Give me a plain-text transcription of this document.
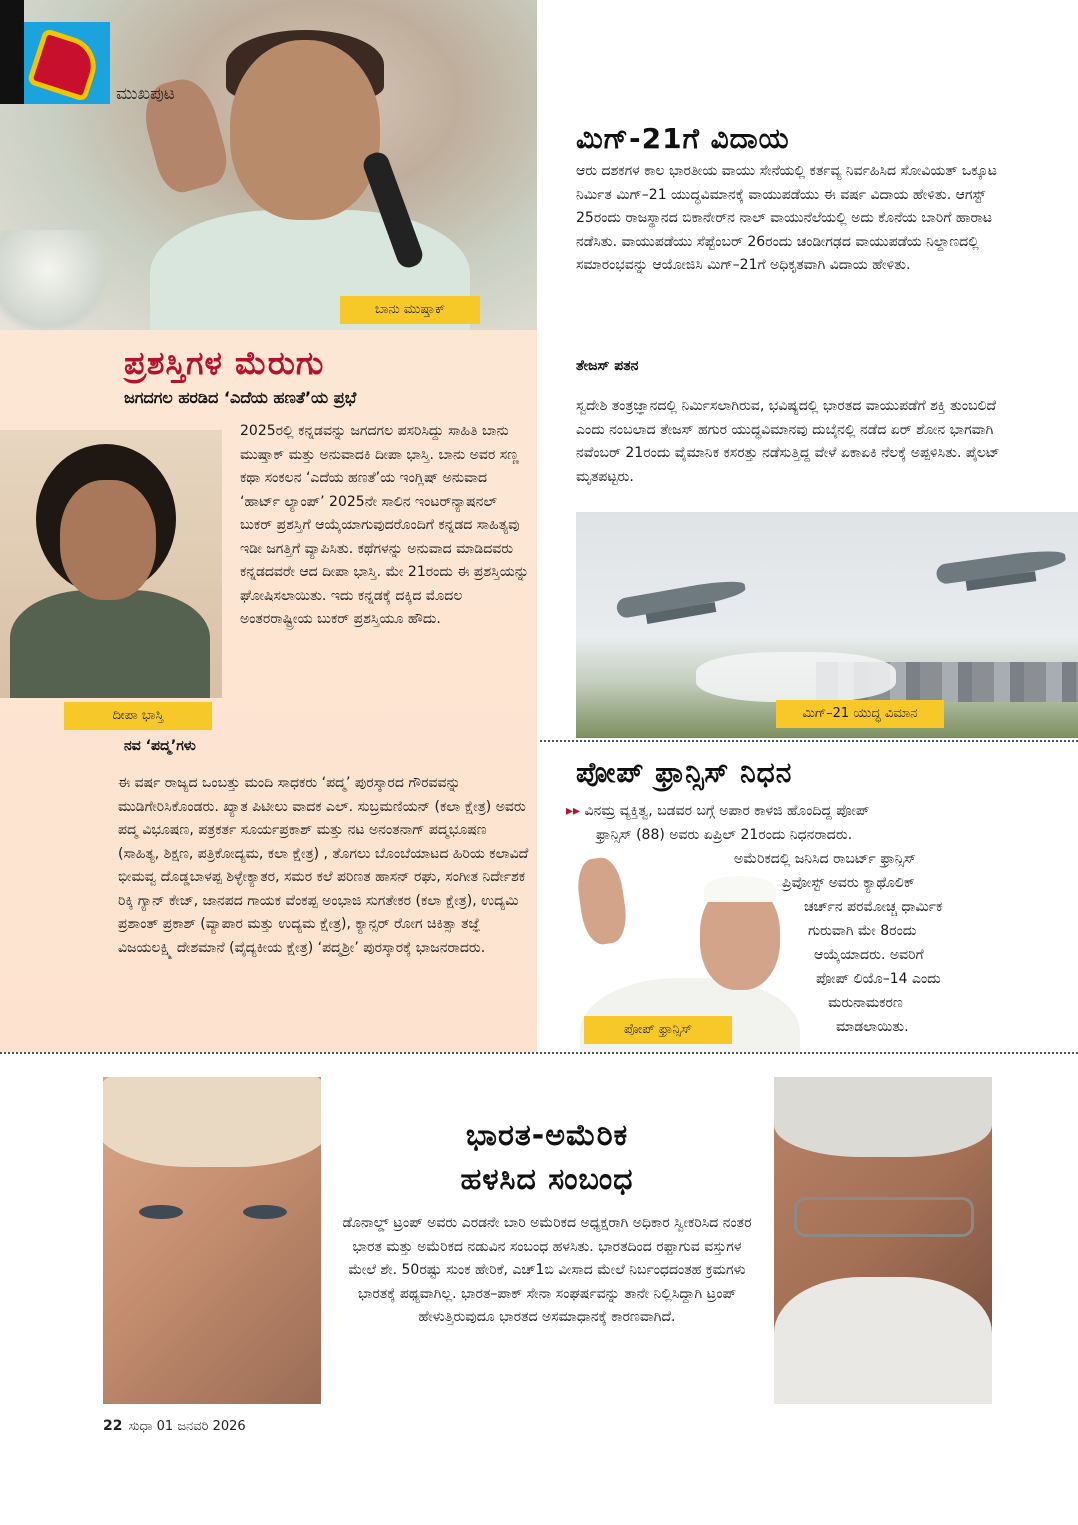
ಬಾನು ಮುಷ್ತಾಕ್
ಮುಖಪುಟ
ಪ್ರಶಸ್ತಿಗಳ ಮೆರುಗು
ಜಗದಗಲ ಹರಡಿದ ‘ಎದೆಯ ಹಣತೆ’ಯ ಪ್ರಭೆ
ದೀಪಾ ಭಾಸ್ತಿ
2025ರಲ್ಲಿ ಕನ್ನಡವನ್ನು ಜಗದಗಲ ಪಸರಿಸಿದ್ದು ಸಾಹಿತಿ ಬಾನು ಮುಷ್ತಾಕ್ ಮತ್ತು ಅನುವಾದಕಿ ದೀಪಾ ಭಾಸ್ತಿ. ಬಾನು ಅವರ ಸಣ್ಣ ಕಥಾ ಸಂಕಲನ ‘ಎದೆಯ ಹಣತೆ’ಯ ಇಂಗ್ಲಿಷ್ ಅನುವಾದ ‘ಹಾರ್ಟ್ ಲ್ಯಾಂಪ್’ 2025ನೇ ಸಾಲಿನ ಇಂಟರ್‌ನ್ಯಾಷನಲ್ ಬುಕರ್ ಪ್ರಶಸ್ತಿಗೆ ಆಯ್ಕೆಯಾಗುವುದರೊಂದಿಗೆ ಕನ್ನಡದ ಸಾಹಿತ್ಯವು ಇಡೀ ಜಗತ್ತಿಗೆ ವ್ಯಾಪಿಸಿತು. ಕಥೆಗಳನ್ನು ಅನುವಾದ ಮಾಡಿದವರು ಕನ್ನಡದವರೇ ಆದ ದೀಪಾ ಭಾಸ್ತಿ. ಮೇ 21ರಂದು ಈ ಪ್ರಶಸ್ತಿಯನ್ನು ಘೋಷಿಸಲಾಯಿತು. ಇದು ಕನ್ನಡಕ್ಕೆ ದಕ್ಕಿದ ಮೊದಲ ಅಂತರರಾಷ್ಟ್ರೀಯ ಬುಕರ್ ಪ್ರಶಸ್ತಿಯೂ ಹೌದು.
ನವ ‘ಪದ್ಮ’ಗಳು
ಈ ವರ್ಷ ರಾಜ್ಯದ ಒಂಬತ್ತು ಮಂದಿ ಸಾಧಕರು ‘ಪದ್ಮ’ ಪುರಸ್ಕಾರದ ಗೌರವವನ್ನು ಮುಡಿಗೇರಿಸಿಕೊಂಡರು. ಖ್ಯಾತ ಪಿಟೀಲು ವಾದಕ ಎಲ್. ಸುಬ್ರಮಣಿಯನ್ (ಕಲಾ ಕ್ಷೇತ್ರ) ಅವರು ಪದ್ಮ ವಿಭೂಷಣ, ಪತ್ರಕರ್ತ ಸೂರ್ಯಪ್ರಕಾಶ್ ಮತ್ತು ನಟ ಅನಂತನಾಗ್ ಪದ್ಮಭೂಷಣ (ಸಾಹಿತ್ಯ, ಶಿಕ್ಷಣ, ಪತ್ರಿಕೋದ್ಯಮ, ಕಲಾ ಕ್ಷೇತ್ರ) , ತೊಗಲು ಬೊಂಬೆಯಾಟದ ಹಿರಿಯ ಕಲಾವಿದೆ ಭೀಮವ್ವ ದೊಡ್ಡಬಾಳಪ್ಪ ಶಿಳ್ಳೇಕ್ಯಾತರ, ಸಮರ ಕಲೆ ಪರಿಣತ ಹಾಸನ್ ರಘು, ಸಂಗೀತ ನಿರ್ದೇಶಕ ರಿಕ್ಕಿ ಗ್ಯಾನ್ ಕೇಜ್, ಜಾನಪದ ಗಾಯಕ ವೆಂಕಪ್ಪ ಅಂಭಾಜಿ ಸುಗತೇಕರ (ಕಲಾ ಕ್ಷೇತ್ರ), ಉದ್ಯಮಿ ಪ್ರಶಾಂತ್ ಪ್ರಕಾಶ್ (ವ್ಯಾಪಾರ ಮತ್ತು ಉದ್ಯಮ ಕ್ಷೇತ್ರ), ಕ್ಯಾನ್ಸರ್ ರೋಗ ಚಿಕಿತ್ಸಾ ತಜ್ಞೆ ವಿಜಯಲಕ್ಷ್ಮಿ ದೇಶಮಾನೆ (ವೈದ್ಯಕೀಯ ಕ್ಷೇತ್ರ) ‘ಪದ್ಮಶ್ರೀ’ ಪುರಸ್ಕಾರಕ್ಕೆ ಭಾಜನರಾದರು.
ಮಿಗ್-21ಗೆ ವಿದಾಯ
ಆರು ದಶಕಗಳ ಕಾಲ ಭಾರತೀಯ ವಾಯು ಸೇನೆಯಲ್ಲಿ ಕರ್ತವ್ಯ ನಿರ್ವಹಿಸಿದ ಸೋವಿಯತ್ ಒಕ್ಕೂಟ ನಿರ್ಮಿತ ಮಿಗ್–21 ಯುದ್ಧವಿಮಾನಕ್ಕೆ ವಾಯುಪಡೆಯು ಈ ವರ್ಷ ವಿದಾಯ ಹೇಳಿತು. ಆಗಸ್ಟ್ 25ರಂದು ರಾಜಸ್ಥಾನದ ಬಿಕಾನೇರ್‌ನ ನಾಲ್ ವಾಯುನೆಲೆಯಲ್ಲಿ ಅದು ಕೊನೆಯ ಬಾರಿಗೆ ಹಾರಾಟ ನಡೆಸಿತು. ವಾಯುಪಡೆಯು ಸೆಪ್ಟೆಂಬರ್ 26ರಂದು ಚಂಡೀಗಢದ ವಾಯುಪಡೆಯ ನಿಲ್ದಾಣದಲ್ಲಿ ಸಮಾರಂಭವನ್ನು ಆಯೋಜಿಸಿ ಮಿಗ್–21ಗೆ ಅಧಿಕೃತವಾಗಿ ವಿದಾಯ ಹೇಳಿತು.
ತೇಜಸ್ ಪತನ
ಸ್ವದೇಶಿ ತಂತ್ರಜ್ಞಾನದಲ್ಲಿ ನಿರ್ಮಿಸಲಾಗಿರುವ, ಭವಿಷ್ಯದಲ್ಲಿ ಭಾರತದ ವಾಯುಪಡೆಗೆ ಶಕ್ತಿ ತುಂಬಲಿದೆ ಎಂದು ನಂಬಲಾದ ತೇಜಸ್ ಹಗುರ ಯುದ್ಧವಿಮಾನವು ದುಬೈನಲ್ಲಿ ನಡೆದ ಏರ್ ಶೋನ ಭಾಗವಾಗಿ ನವೆಂಬರ್ 21ರಂದು ವೈಮಾನಿಕ ಕಸರತ್ತು ನಡೆಸುತ್ತಿದ್ದ ವೇಳೆ ಏಕಾಏಕಿ ನೆಲಕ್ಕೆ ಅಪ್ಪಳಿಸಿತು. ಪೈಲಟ್ ಮೃತಪಟ್ಟರು.
ಮಿಗ್–21 ಯುದ್ಧ ವಿಮಾನ
ಪೋಪ್ ಫ್ರಾನ್ಸಿಸ್ ನಿಧನ
ಪೋಪ್ ಫ್ರಾನ್ಸಿಸ್
▸▸ ವಿನಮ್ರ ವ್ಯಕ್ತಿತ್ವ, ಬಡವರ ಬಗ್ಗೆ ಅಪಾರ ಕಾಳಜಿ ಹೊಂದಿದ್ದ ಪೋಪ್
ಫ್ರಾನ್ಸಿಸ್ (88) ಅವರು ಏಪ್ರಿಲ್ 21ರಂದು ನಿಧನರಾದರು.
ಅಮೆರಿಕದಲ್ಲಿ ಜನಿಸಿದ ರಾಬರ್ಟ್ ಫ್ರಾನ್ಸಿಸ್
ಪ್ರಿವೋಸ್ಟ್ ಅವರು ಕ್ಯಾಥೊಲಿಕ್
ಚರ್ಚ್‌ನ ಪರಮೋಚ್ಚ ಧಾರ್ಮಿಕ
ಗುರುವಾಗಿ ಮೇ 8ರಂದು
ಆಯ್ಕೆಯಾದರು. ಅವರಿಗೆ
ಪೋಪ್ ಲಿಯೊ–14 ಎಂದು
ಮರುನಾಮಕರಣ
ಮಾಡಲಾಯಿತು.
ಭಾರತ-ಅಮೆರಿಕ
ಹಳಸಿದ ಸಂಬಂಧ
ಡೊನಾಲ್ಡ್ ಟ್ರಂಪ್ ಅವರು ಎರಡನೇ ಬಾರಿ ಅಮೆರಿಕದ ಅಧ್ಯಕ್ಷರಾಗಿ ಅಧಿಕಾರ ಸ್ವೀಕರಿಸಿದ ನಂತರ ಭಾರತ ಮತ್ತು ಅಮೆರಿಕದ ನಡುವಿನ ಸಂಬಂಧ ಹಳಸಿತು. ಭಾರತದಿಂದ ರಫ್ತಾಗುವ ವಸ್ತುಗಳ ಮೇಲೆ ಶೇ. 50ರಷ್ಟು ಸುಂಕ ಹೇರಿಕೆ, ಎಚ್1ಬಿ ವೀಸಾದ ಮೇಲೆ ನಿರ್ಬಂಧದಂತಹ ಕ್ರಮಗಳು ಭಾರತಕ್ಕೆ ಪಥ್ಯವಾಗಿಲ್ಲ. ಭಾರತ–ಪಾಕ್ ಸೇನಾ ಸಂಘರ್ಷವನ್ನು ತಾನೇ ನಿಲ್ಲಿಸಿದ್ದಾಗಿ ಟ್ರಂಪ್ ಹೇಳುತ್ತಿರುವುದೂ ಭಾರತದ ಅಸಮಾಧಾನಕ್ಕೆ ಕಾರಣವಾಗಿದೆ.
22 ಸುಧಾ 01 ಜನವರಿ 2026
